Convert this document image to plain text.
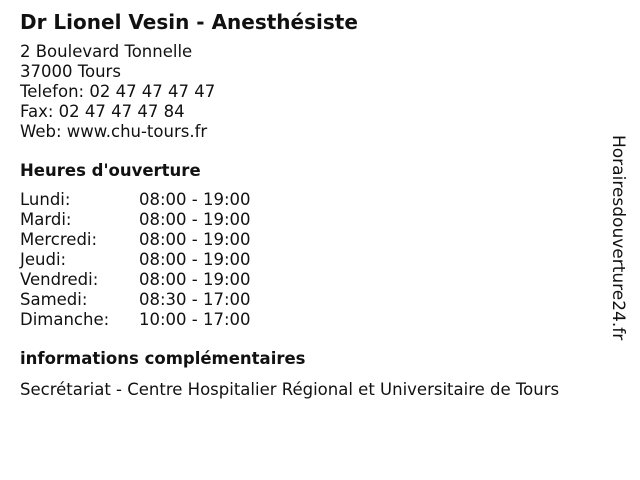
Dr Lionel Vesin - Anesthésiste
2 Boulevard Tonnelle
37000 Tours
Telefon: 02 47 47 47 47
Fax: 02 47 47 47 84
Web: www.chu-tours.fr
Heures d'ouverture
Lundi:	08:00 - 19:00
Mardi:	08:00 - 19:00
Mercredi:	08:00 - 19:00
Jeudi:	08:00 - 19:00
Vendredi:	08:00 - 19:00
Samedi:	08:30 - 17:00
Dimanche:	10:00 - 17:00
informations complémentaires
Secrétariat - Centre Hospitalier Régional et Universitaire de Tours
Horairesdouverture24.fr
